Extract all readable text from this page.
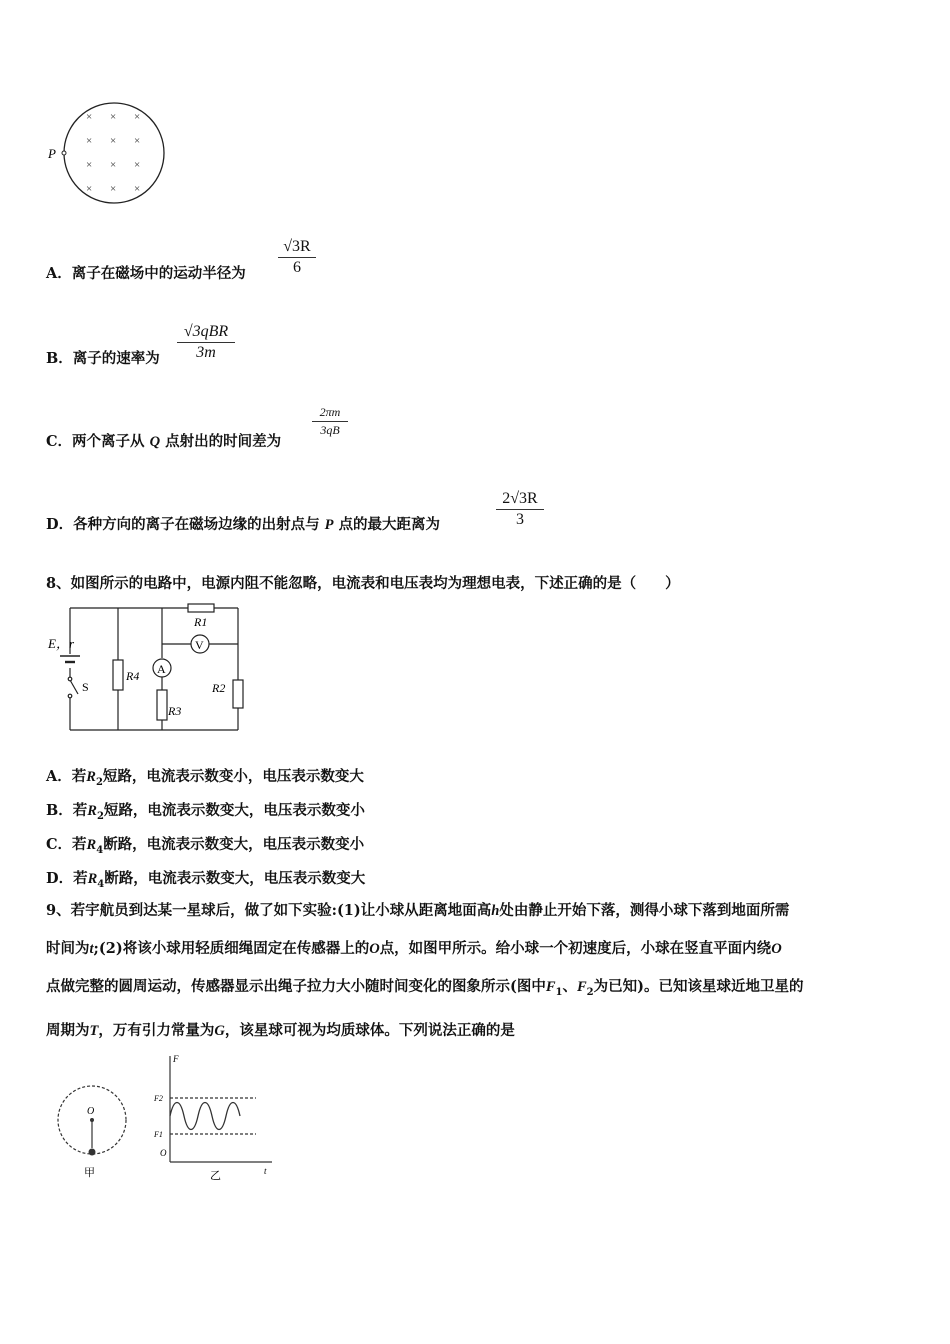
P
× × ×
× × ×
× × ×
× × ×
A．离子在磁场中的运动半径为
√3R
6
B．离子的速率为
√3qBR
3m
C．两个离子从 Q 点射出的时间差为
2πm
3qB
D．各种方向的离子在磁场边缘的出射点与 P 点的最大距离为
2√3R
3
8、如图所示的电路中，电源内阻不能忽略，电流表和电压表均为理想电表，下述正确的是（　　）
E，r
S
R1
R4
R3
R2
A
V
A．若$R_2$短路，电流表示数变小，电压表示数变大
B．若$R_2$短路，电流表示数变大，电压表示数变小
C．若$R_4$断路，电流表示数变大，电压表示数变小
D．若$R_4$断路，电流表示数变大，电压表示数变大
9、若宇航员到达某一星球后，做了如下实验:(1)让小球从距离地面高h处由静止开始下落，测得小球下落到地面所需
时间为t;(2)将该小球用轻质细绳固定在传感器上的O点，如图甲所示。给小球一个初速度后，小球在竖直平面内绕O
点做完整的圆周运动，传感器显示出绳子拉力大小随时间变化的图象所示(图中$F_1$、$F_2$为已知)。已知该星球近地卫星的
周期为T，万有引力常量为G，该星球可视为均质球体。下列说法正确的是
O
甲
F
t
O
F2
F1
乙
